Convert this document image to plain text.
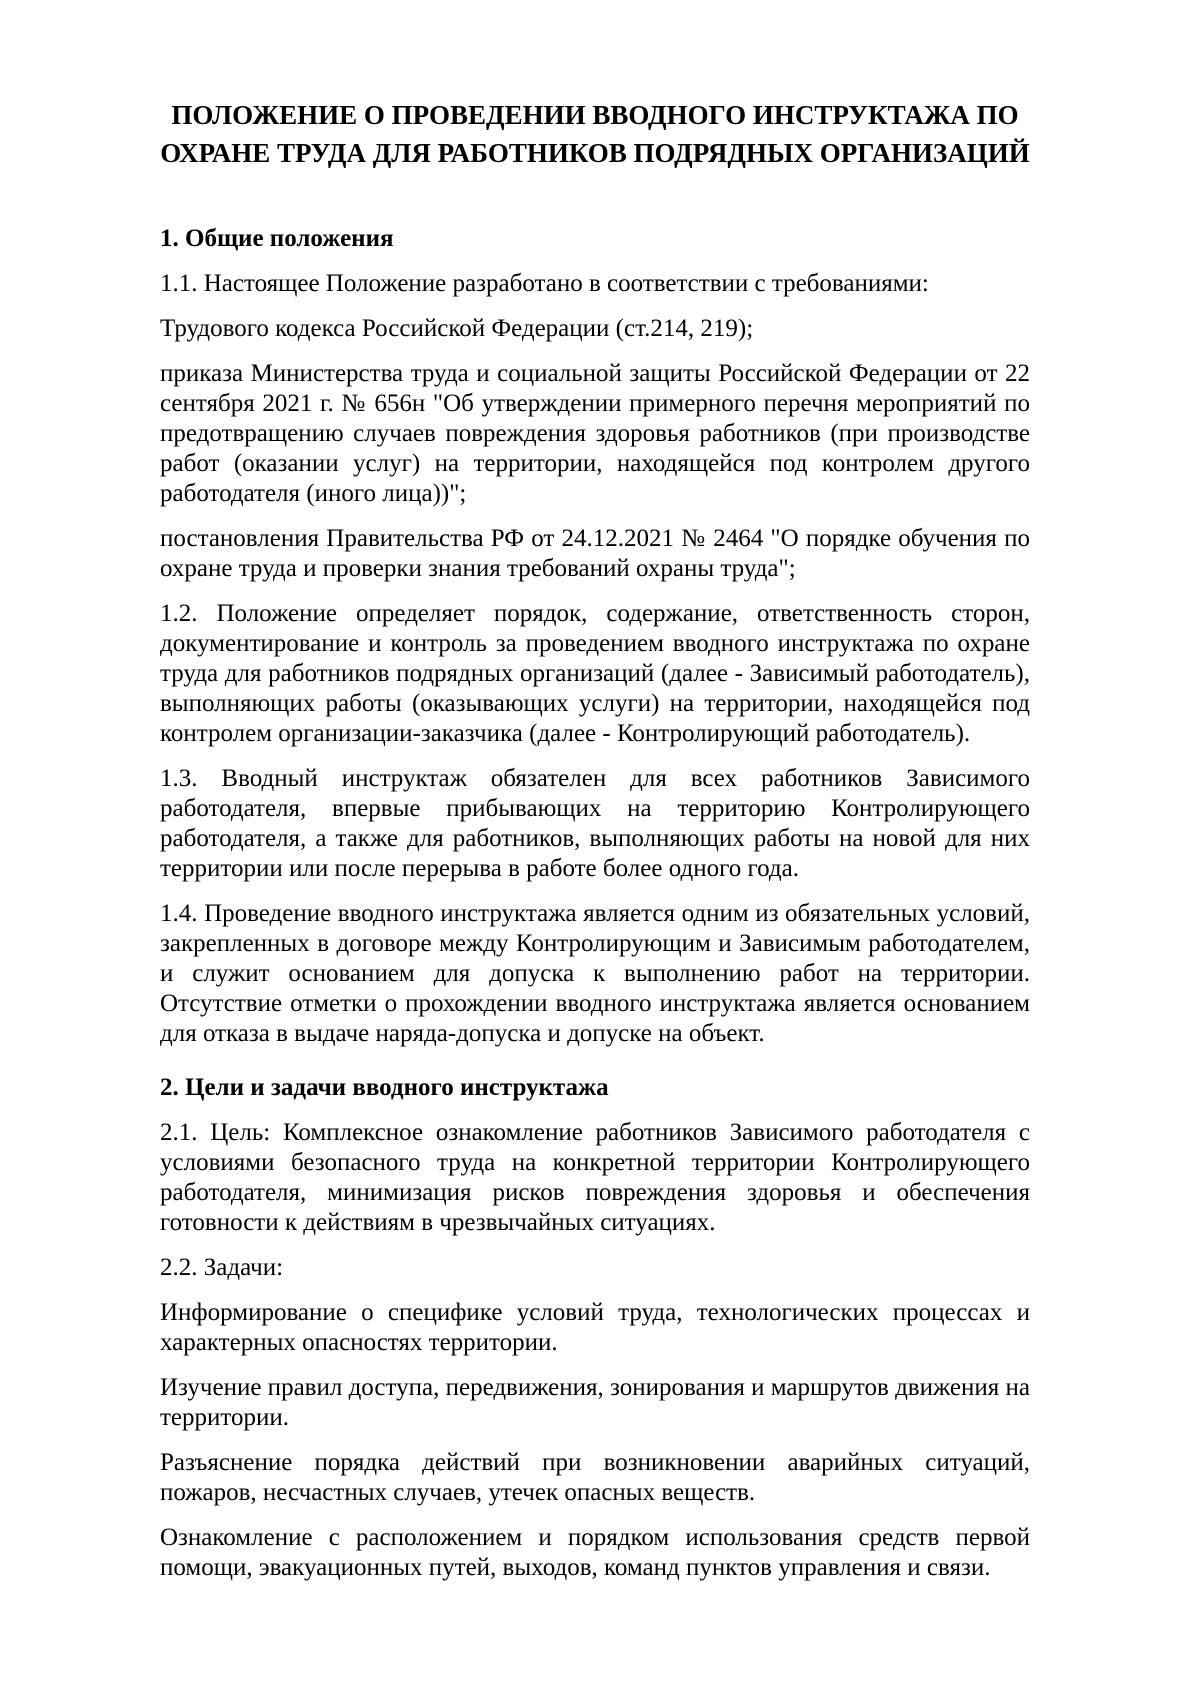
ПОЛОЖЕНИЕ О ПРОВЕДЕНИИ ВВОДНОГО ИНСТРУКТАЖА ПО ОХРАНЕ ТРУДА ДЛЯ РАБОТНИКОВ ПОДРЯДНЫХ ОРГАНИЗАЦИЙ
1. Общие положения

1.1. Настоящее Положение разработано в соответствии с требованиями:

Трудового кодекса Российской Федерации (ст.214, 219);

приказа Министерства труда и социальной защиты Российской Федерации от 22 сентября 2021 г. № 656н "Об утверждении примерного перечня мероприятий по предотвращению случаев повреждения здоровья работников (при производстве работ (оказании услуг) на территории, находящейся под контролем другого работодателя (иного лица))";

постановления Правительства РФ от 24.12.2021 № 2464 "О порядке обучения по охране труда и проверки знания требований охраны труда";

1.2. Положение определяет порядок, содержание, ответственность сторон, документирование и контроль за проведением вводного инструктажа по охране труда для работников подрядных организаций (далее - Зависимый работодатель), выполняющих работы (оказывающих услуги) на территории, находящейся под контролем организации-заказчика (далее - Контролирующий работодатель).

1.3. Вводный инструктаж обязателен для всех работников Зависимого работодателя, впервые прибывающих на территорию Контролирующего работодателя, а также для работников, выполняющих работы на новой для них территории или после перерыва в работе более одного года.

1.4. Проведение вводного инструктажа является одним из обязательных условий, закрепленных в договоре между Контролирующим и Зависимым работодателем, и служит основанием для допуска к выполнению работ на территории. Отсутствие отметки о прохождении вводного инструктажа является основанием для отказа в выдаче наряда-допуска и допуске на объект.

2. Цели и задачи вводного инструктажа

2.1. Цель: Комплексное ознакомление работников Зависимого работодателя с условиями безопасного труда на конкретной территории Контролирующего работодателя, минимизация рисков повреждения здоровья и обеспечения готовности к действиям в чрезвычайных ситуациях.

2.2. Задачи:

Информирование о специфике условий труда, технологических процессах и характерных опасностях территории.

Изучение правил доступа, передвижения, зонирования и маршрутов движения на территории.

Разъяснение порядка действий при возникновении аварийных ситуаций, пожаров, несчастных случаев, утечек опасных веществ.

Ознакомление с расположением и порядком использования средств первой помощи, эвакуационных путей, выходов, команд пунктов управления и связи.
